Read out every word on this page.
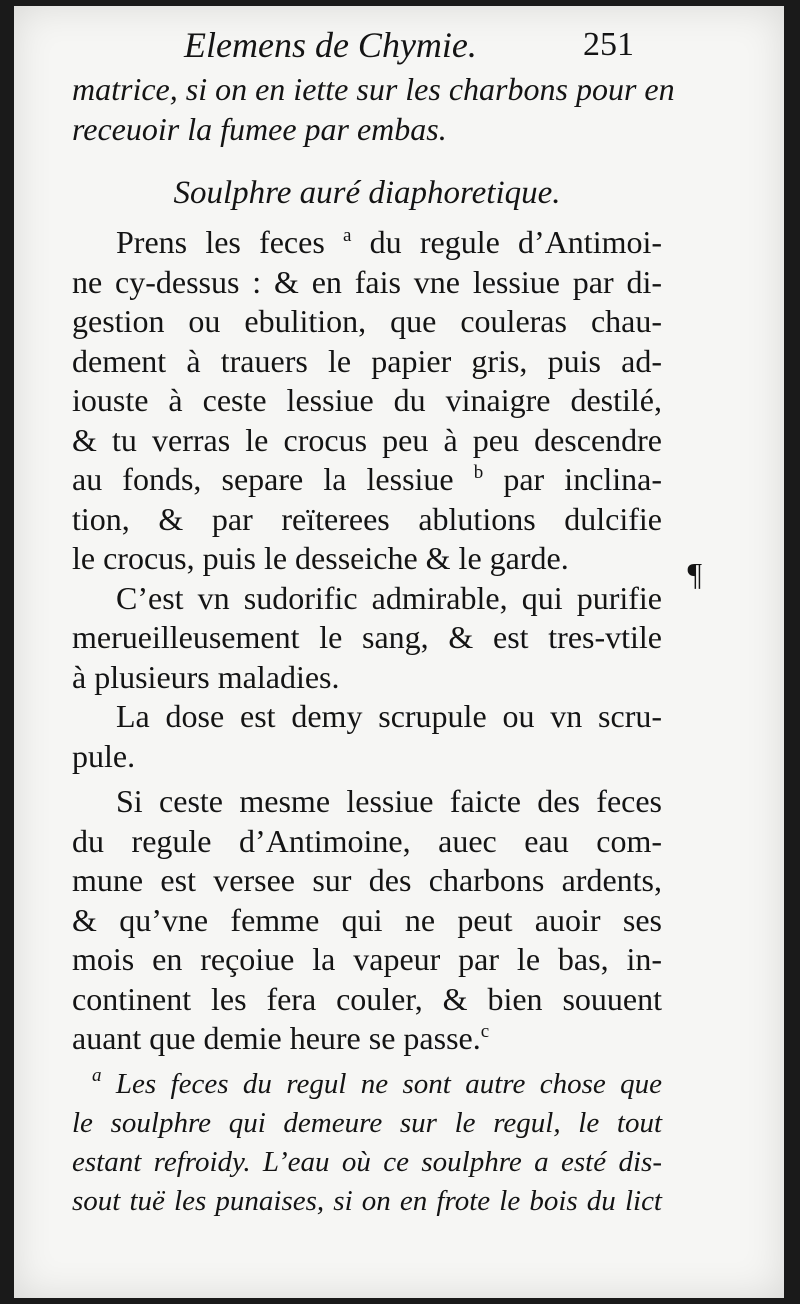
Elemens de Chymie.	251
matrice, si on en iette sur les charbons pour en
receuoir la fumee par embas.
Soulphre auré diaphoretique.
Prens les feces $^a$ du regule d’Antimoi-
ne cy-dessus : & en fais vne lessiue par di-
gestion ou ebulition, que couleras chau-
dement à trauers le papier gris, puis ad-
iouste à ceste lessiue du vinaigre destilé,
& tu verras le crocus peu à peu descendre
au fonds, separe la lessiue $^b$ par inclina-
tion, & par reïterees ablutions dulcifie
le crocus, puis le desseiche & le garde.
C’est vn sudorific admirable, qui purifie
merueilleusement le sang, & est tres-vtile
à plusieurs maladies.
La dose est demy scrupule ou vn scru-
pule.
Si ceste mesme lessiue faicte des feces
du regule d’Antimoine, auec eau com-
mune est versee sur des charbons ardents,
& qu’vne femme qui ne peut auoir ses
mois en reçoiue la vapeur par le bas, in-
continent les fera couler, & bien souuent
auant que demie heure se passe.$^c$
$^a$ Les feces du regul ne sont autre chose que
le soulphre qui demeure sur le regul, le tout
estant refroidy. L’eau où ce soulphre a esté dis-
sout tuë les punaises, si on en frote le bois du lict
¶
